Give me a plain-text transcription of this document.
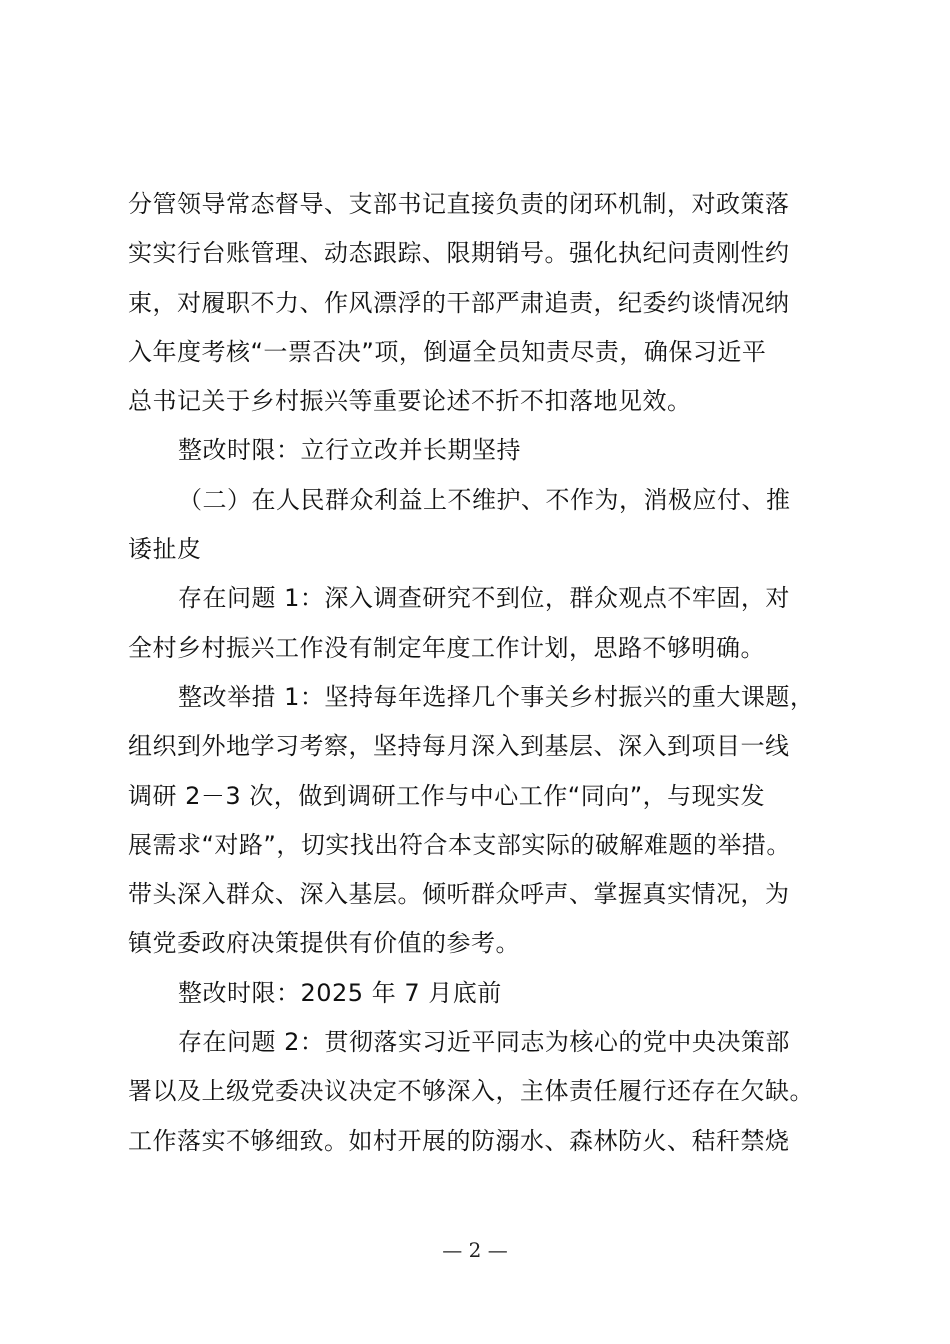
分管领导常态督导、支部书记直接负责的闭环机制，对政策落
实实行台账管理、动态跟踪、限期销号。强化执纪问责刚性约
束，对履职不力、作风漂浮的干部严肃追责，纪委约谈情况纳
入年度考核“一票否决”项，倒逼全员知责尽责，确保习近平
总书记关于乡村振兴等重要论述不折不扣落地见效。
整改时限：立行立改并长期坚持
（二）在人民群众利益上不维护、不作为，消极应付、推
诿扯皮
存在问题 1：深入调查研究不到位，群众观点不牢固，对
全村乡村振兴工作没有制定年度工作计划，思路不够明确。
整改举措 1：坚持每年选择几个事关乡村振兴的重大课题，
组织到外地学习考察，坚持每月深入到基层、深入到项目一线
调研 2－3 次，做到调研工作与中心工作“同向”，与现实发
展需求“对路”，切实找出符合本支部实际的破解难题的举措。
带头深入群众、深入基层。倾听群众呼声、掌握真实情况，为
镇党委政府决策提供有价值的参考。
整改时限：2025 年 7 月底前
存在问题 2：贯彻落实习近平同志为核心的党中央决策部
署以及上级党委决议决定不够深入，主体责任履行还存在欠缺。
工作落实不够细致。如村开展的防溺水、森林防火、秸秆禁烧
— 2 —
